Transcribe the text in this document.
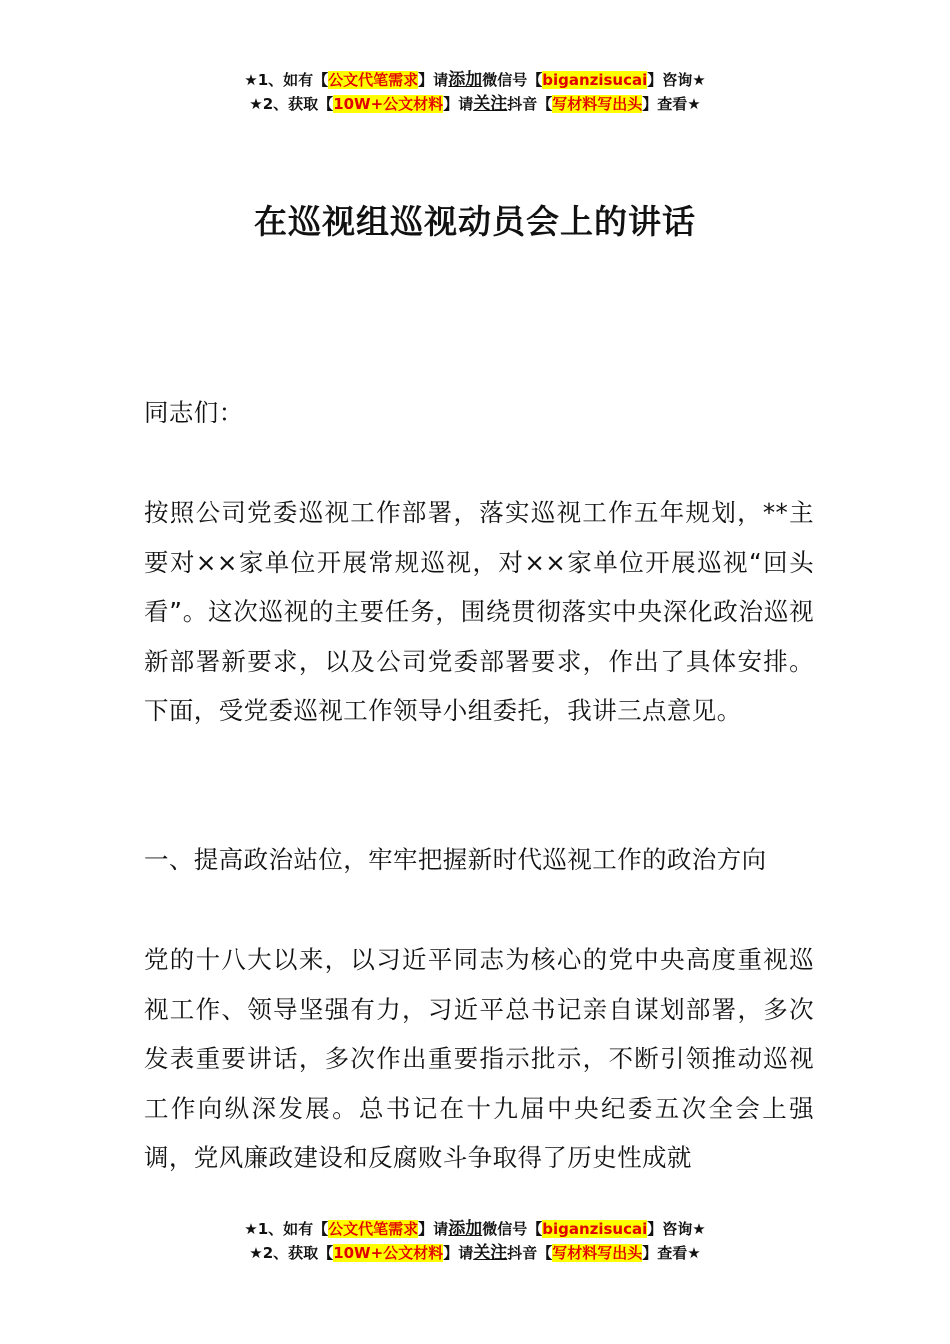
★1、如有【公文代笔需求】请添加微信号【biganzisucai】咨询★
★2、获取【10W+公文材料】请关注抖音【写材料写出头】查看★
在巡视组巡视动员会上的讲话

同志们：

按照公司党委巡视工作部署，落实巡视工作五年规划，**主要对××家单位开展常规巡视，对××家单位开展巡视“回头看”。这次巡视的主要任务，围绕贯彻落实中央深化政治巡视新部署新要求，以及公司党委部署要求，作出了具体安排。下面，受党委巡视工作领导小组委托，我讲三点意见。

一、提高政治站位，牢牢把握新时代巡视工作的政治方向

党的十八大以来，以习近平同志为核心的党中央高度重视巡视工作、领导坚强有力，习近平总书记亲自谋划部署，多次发表重要讲话，多次作出重要指示批示，不断引领推动巡视工作向纵深发展。总书记在十九届中央纪委五次全会上强调，党风廉政建设和反腐败斗争取得了历史性成就

★1、如有【公文代笔需求】请添加微信号【biganzisucai】咨询★
★2、获取【10W+公文材料】请关注抖音【写材料写出头】查看★
